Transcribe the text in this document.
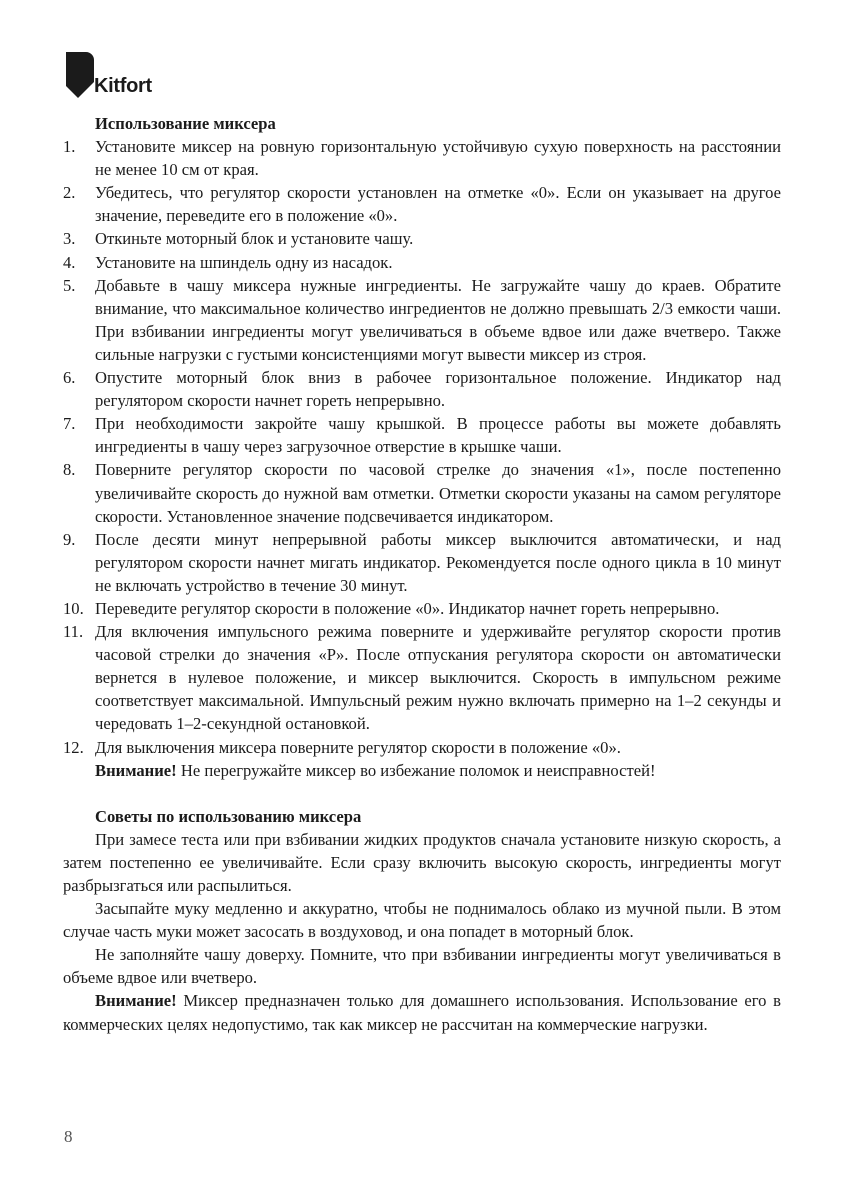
Kitfort

Использование миксера

1.	Установите миксер на ровную горизонтальную устойчивую сухую поверхность на расстоянии не менее 10 см от края.
2.	Убедитесь, что регулятор скорости установлен на отметке «0». Если он указывает на другое значение, переведите его в положение «0».
3.	Откиньте моторный блок и установите чашу.
4.	Установите на шпиндель одну из насадок.
5.	Добавьте в чашу миксера нужные ингредиенты. Не загружайте чашу до краев. Обратите внимание, что максимальное количество ингредиентов не должно превышать 2/3 емкости чаши. При взбивании ингредиенты могут увеличиваться в объеме вдвое или даже вчетверо. Также сильные нагрузки с густыми консистенциями могут вывести миксер из строя.
6.	Опустите моторный блок вниз в рабочее горизонтальное положение. Индикатор над регулятором скорости начнет гореть непрерывно.
7.	При необходимости закройте чашу крышкой. В процессе работы вы можете добавлять ингредиенты в чашу через загрузочное отверстие в крышке чаши.
8.	Поверните регулятор скорости по часовой стрелке до значения «1», после постепенно увеличивайте скорость до нужной вам отметки. Отметки скорости указаны на самом регуляторе скорости. Установленное значение подсвечивается индикатором.
9.	После десяти минут непрерывной работы миксер выключится автоматически, и над регулятором скорости начнет мигать индикатор. Рекомендуется после одного цикла в 10 минут не включать устройство в течение 30 минут.
10. Переведите регулятор скорости в положение «0». Индикатор начнет гореть непрерывно.
11. Для включения импульсного режима поверните и удерживайте регулятор скорости против часовой стрелки до значения «P». После отпускания регулятора скорости он автоматически вернется в нулевое положение, и миксер выключится. Скорость в импульсном режиме соответствует максимальной. Импульсный режим нужно включать примерно на 1–2 секунды и чередовать 1–2-секундной остановкой.
12. Для выключения миксера поверните регулятор скорости в положение «0».

Внимание! Не перегружайте миксер во избежание поломок и неисправностей!

Советы по использованию миксера

При замесе теста или при взбивании жидких продуктов сначала установите низкую скорость, а затем постепенно ее увеличивайте. Если сразу включить высокую скорость, ингредиенты могут разбрызгаться или распылиться.

Засыпайте муку медленно и аккуратно, чтобы не поднималось облако из мучной пыли. В этом случае часть муки может засосать в воздуховод, и она попадет в моторный блок.

Не заполняйте чашу доверху. Помните, что при взбивании ингредиенты могут увеличиваться в объеме вдвое или вчетверо.

Внимание! Миксер предназначен только для домашнего использования. Использование его в коммерческих целях недопустимо, так как миксер не рассчитан на коммерческие нагрузки.

8
